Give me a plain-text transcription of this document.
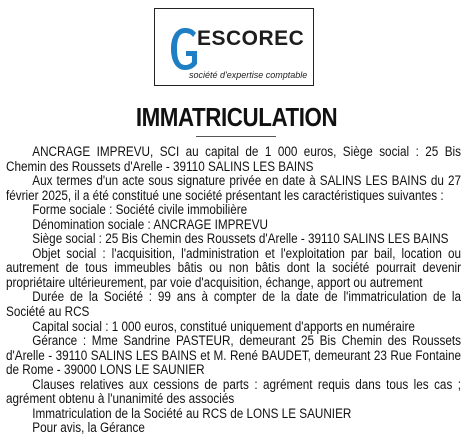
ESCOREC
société d'expertise comptable
IMMATRICULATION

ANCRAGE IMPREVU, SCI au capital de 1 000 euros, Siège social : 25 Bis Chemin des Roussets d'Arelle - 39110 SALINS LES BAINS

Aux termes d'un acte sous signature privée en date à SALINS LES BAINS du 27 février 2025, il a été constitué une société présentant les caractéristiques suivantes :

Forme sociale : Société civile immobilière

Dénomination sociale : ANCRAGE IMPREVU

Siège social : 25 Bis Chemin des Roussets d'Arelle - 39110 SALINS LES BAINS

Objet social : l'acquisition, l'administration et l'exploitation par bail, location ou autrement de tous immeubles bâtis ou non bâtis dont la société pourrait devenir propriétaire ultérieurement, par voie d'acquisition, échange, apport ou autrement

Durée de la Société : 99 ans à compter de la date de l'immatriculation de la Société au RCS

Capital social : 1 000 euros, constitué uniquement d'apports en numéraire

Gérance : Mme Sandrine PASTEUR, demeurant 25 Bis Chemin des Roussets d'Arelle - 39110 SALINS LES BAINS et M. René BAUDET, demeurant 23 Rue Fontaine de Rome - 39000 LONS LE SAUNIER

Clauses relatives aux cessions de parts : agrément requis dans tous les cas ; agrément obtenu à l'unanimité des associés

Immatriculation de la Société au RCS de LONS LE SAUNIER

Pour avis, la Gérance
